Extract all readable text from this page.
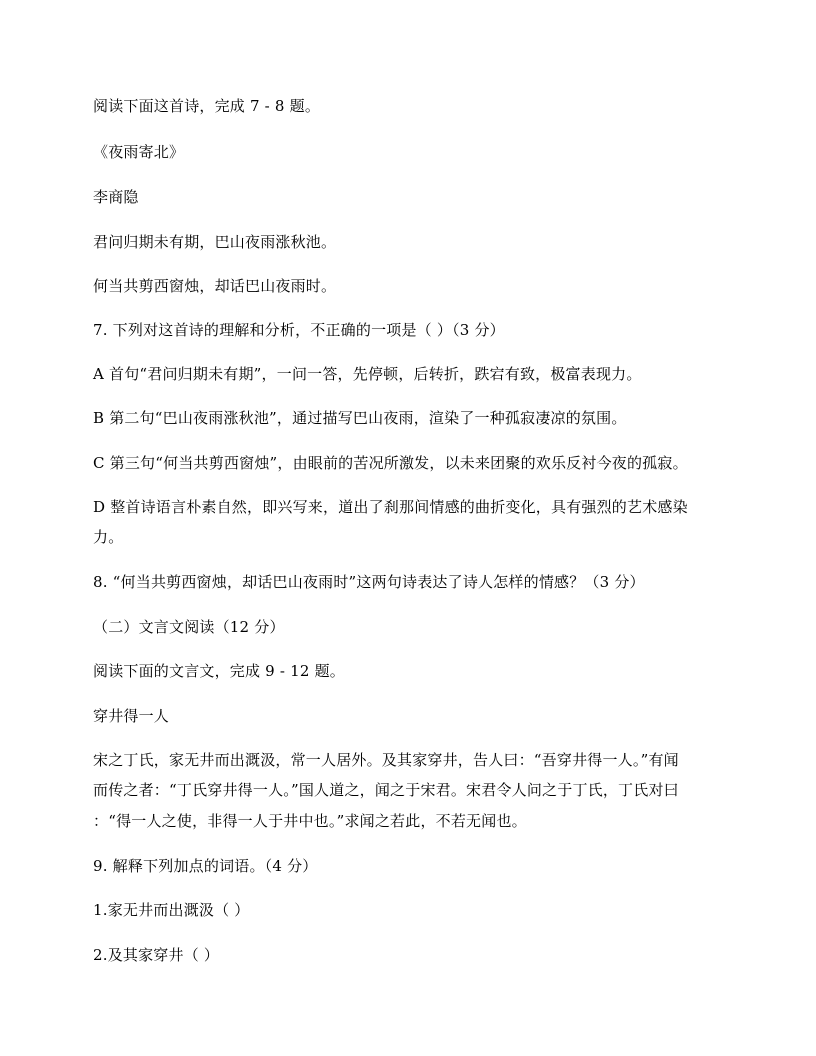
阅读下面这首诗，完成 7 - 8 题。
《夜雨寄北》
李商隐
君问归期未有期，巴山夜雨涨秋池。
何当共剪西窗烛，却话巴山夜雨时。
7. 下列对这首诗的理解和分析，不正确的一项是（ ）（3 分）
A 首句“君问归期未有期”，一问一答，先停顿，后转折，跌宕有致，极富表现力。
B 第二句“巴山夜雨涨秋池”，通过描写巴山夜雨，渲染了一种孤寂凄凉的氛围。
C 第三句“何当共剪西窗烛”，由眼前的苦况所激发，以未来团聚的欢乐反衬今夜的孤寂。
D 整首诗语言朴素自然，即兴写来，道出了刹那间情感的曲折变化，具有强烈的艺术感染
力。
8. “何当共剪西窗烛，却话巴山夜雨时”这两句诗表达了诗人怎样的情感？（3 分）
（二）文言文阅读（12 分）
阅读下面的文言文，完成 9 - 12 题。
穿井得一人
宋之丁氏，家无井而出溉汲，常一人居外。及其家穿井，告人曰：“吾穿井得一人。”有闻
而传之者：“丁氏穿井得一人。”国人道之，闻之于宋君。宋君令人问之于丁氏，丁氏对曰
：“得一人之使，非得一人于井中也。”求闻之若此，不若无闻也。
9. 解释下列加点的词语。（4 分）
1.家无井而出溉汲（ ）
2.及其家穿井（ ）
